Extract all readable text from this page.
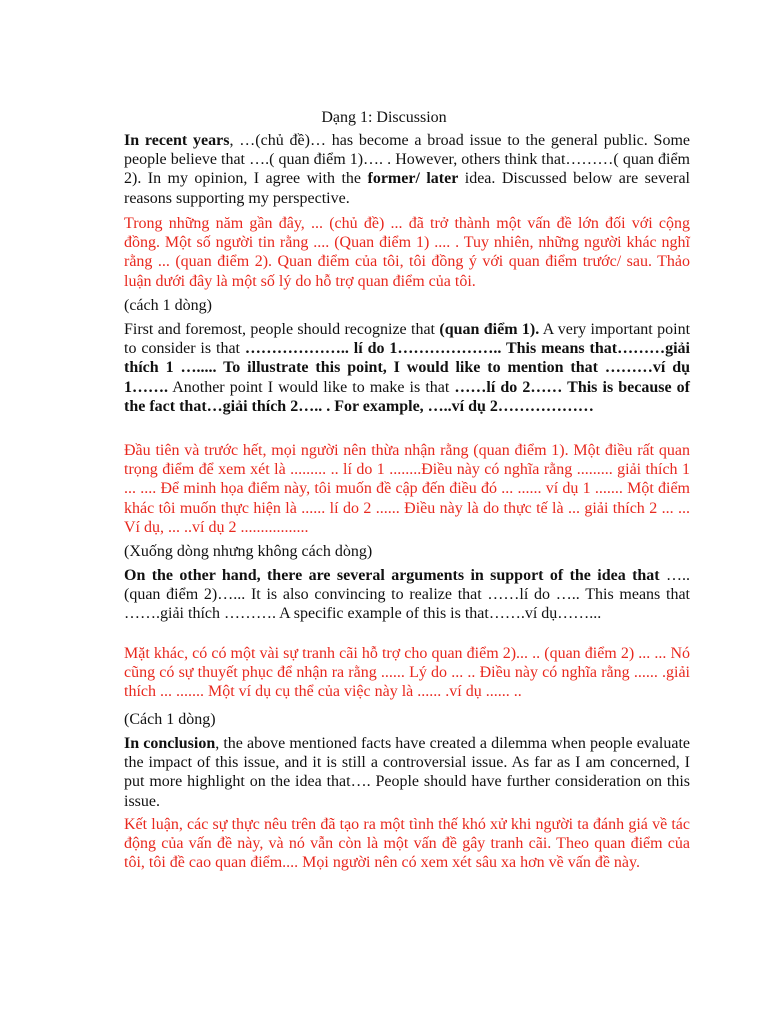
Dạng 1: Discussion

In recent years, …(chủ đề)… has become a broad issue to the general public. Some people believe that ….( quan điểm 1)…. . However, others think that………( quan điểm 2). In my opinion, I agree with the former/ later idea. Discussed below are several reasons supporting my perspective.

Trong những năm gần đây, ... (chủ đề) ... đã trở thành một vấn đề lớn đối với cộng đồng. Một số người tin rằng .... (Quan điểm 1) .... . Tuy nhiên, những người khác nghĩ rằng ... (quan điểm 2). Quan điểm của tôi, tôi đồng ý với quan điểm trước/ sau. Thảo luận dưới đây là một số lý do hỗ trợ quan điểm của tôi.

(cách 1 dòng)

First and foremost, people should recognize that (quan điểm 1). A very important point to consider is that ……………….. lí do 1……………….. This means that………giải thích 1 …..... To illustrate this point, I would like to mention that ………ví dụ 1……. Another point I would like to make is that ……lí do 2…… This is because of the fact that…giải thích 2….. . For example, …..ví dụ 2………………

Đầu tiên và trước hết, mọi người nên thừa nhận rằng (quan điểm 1). Một điều rất quan trọng điểm để xem xét là ......... .. lí do 1 ........Điều này có nghĩa rằng ......... giải thích 1 ... .... Để minh họa điểm này, tôi muốn đề cập đến điều đó ... ...... ví dụ 1 ....... Một điểm khác tôi muốn thực hiện là ...... lí do 2 ...... Điều này là do thực tế là ... giải thích 2 ... ... Ví dụ, ... ..ví dụ 2 .................

(Xuống dòng nhưng không cách dòng)

On the other hand, there are several arguments in support of the idea that …..(quan điểm 2)…... It is also convincing to realize that ……lí do ….. This means that …….giải thích ………. A specific example of this is that…….ví dụ……...

Mặt khác, có có một vài sự tranh cãi hỗ trợ cho quan điểm 2)... .. (quan điểm 2) ... ... Nó cũng có sự thuyết phục để nhận ra rằng ...... Lý do ... .. Điều này có nghĩa rằng ...... .giải thích ... ....... Một ví dụ cụ thể của việc này là ...... .ví dụ ...... ..

(Cách 1 dòng)

In conclusion, the above mentioned facts have created a dilemma when people evaluate the impact of this issue, and it is still a controversial issue. As far as I am concerned, I put more highlight on the idea that…. People should have further consideration on this issue.

Kết luận, các sự thực nêu trên đã tạo ra một tình thế khó xử khi người ta đánh giá về tác động của vấn đề này, và nó vẫn còn là một vấn đề gây tranh cãi. Theo quan điểm của tôi, tôi đề cao quan điểm.... Mọi người nên có xem xét sâu xa hơn về vấn đề này.
